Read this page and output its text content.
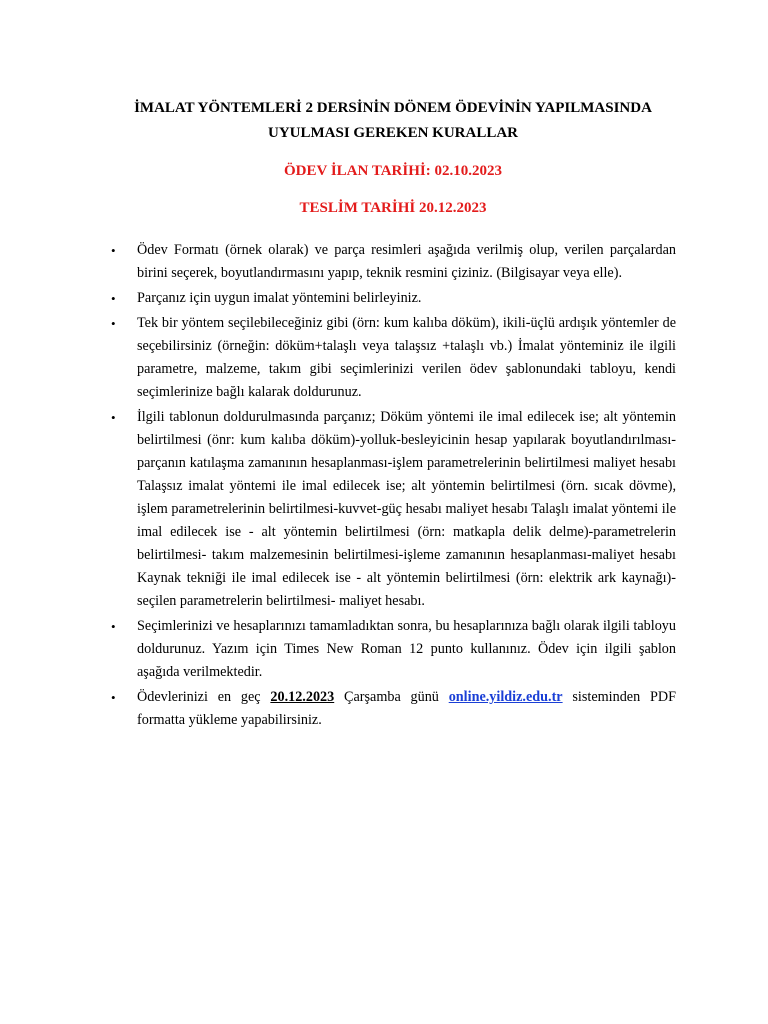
İMALAT YÖNTEMLERİ 2 DERSİNİN DÖNEM ÖDEVİNİN YAPILMASINDA
UYULMASI GEREKEN KURALLAR

ÖDEV İLAN TARİHİ: 02.10.2023

TESLİM TARİHİ 20.12.2023

• Ödev Formatı (örnek olarak) ve parça resimleri aşağıda verilmiş olup, verilen parçalardan birini seçerek, boyutlandırmasını yapıp, teknik resmini çiziniz. (Bilgisayar veya elle).
• Parçanız için uygun imalat yöntemini belirleyiniz.
• Tek bir yöntem seçilebileceğiniz gibi (örn: kum kalıba döküm), ikili-üçlü ardışık yöntemler de seçebilirsiniz (örneğin: döküm+talaşlı veya talaşsız +talaşlı vb.) İmalat yönteminiz ile ilgili parametre, malzeme, takım gibi seçimlerinizi verilen ödev şablonundaki tabloyu, kendi seçimlerinize bağlı kalarak doldurunuz.
• İlgili tablonun doldurulmasında parçanız; Döküm yöntemi ile imal edilecek ise; alt yöntemin belirtilmesi (önr: kum kalıba döküm)-yolluk-besleyicinin hesap yapılarak boyutlandırılması-parçanın katılaşma zamanının hesaplanması-işlem parametrelerinin belirtilmesi maliyet hesabı Talaşsız imalat yöntemi ile imal edilecek ise; alt yöntemin belirtilmesi (örn. sıcak dövme), işlem parametrelerinin belirtilmesi-kuvvet-güç hesabı maliyet hesabı Talaşlı imalat yöntemi ile imal edilecek ise - alt yöntemin belirtilmesi (örn: matkapla delik delme)-parametrelerin belirtilmesi- takım malzemesinin belirtilmesi-işleme zamanının hesaplanması-maliyet hesabı Kaynak tekniği ile imal edilecek ise - alt yöntemin belirtilmesi (örn: elektrik ark kaynağı)- seçilen parametrelerin belirtilmesi- maliyet hesabı.
• Seçimlerinizi ve hesaplarınızı tamamladıktan sonra, bu hesaplarınıza bağlı olarak ilgili tabloyu doldurunuz. Yazım için Times New Roman 12 punto kullanınız. Ödev için ilgili şablon aşağıda verilmektedir.
• Ödevlerinizi en geç 20.12.2023 Çarşamba günü online.yildiz.edu.tr sisteminden PDF formatta yükleme yapabilirsiniz.
